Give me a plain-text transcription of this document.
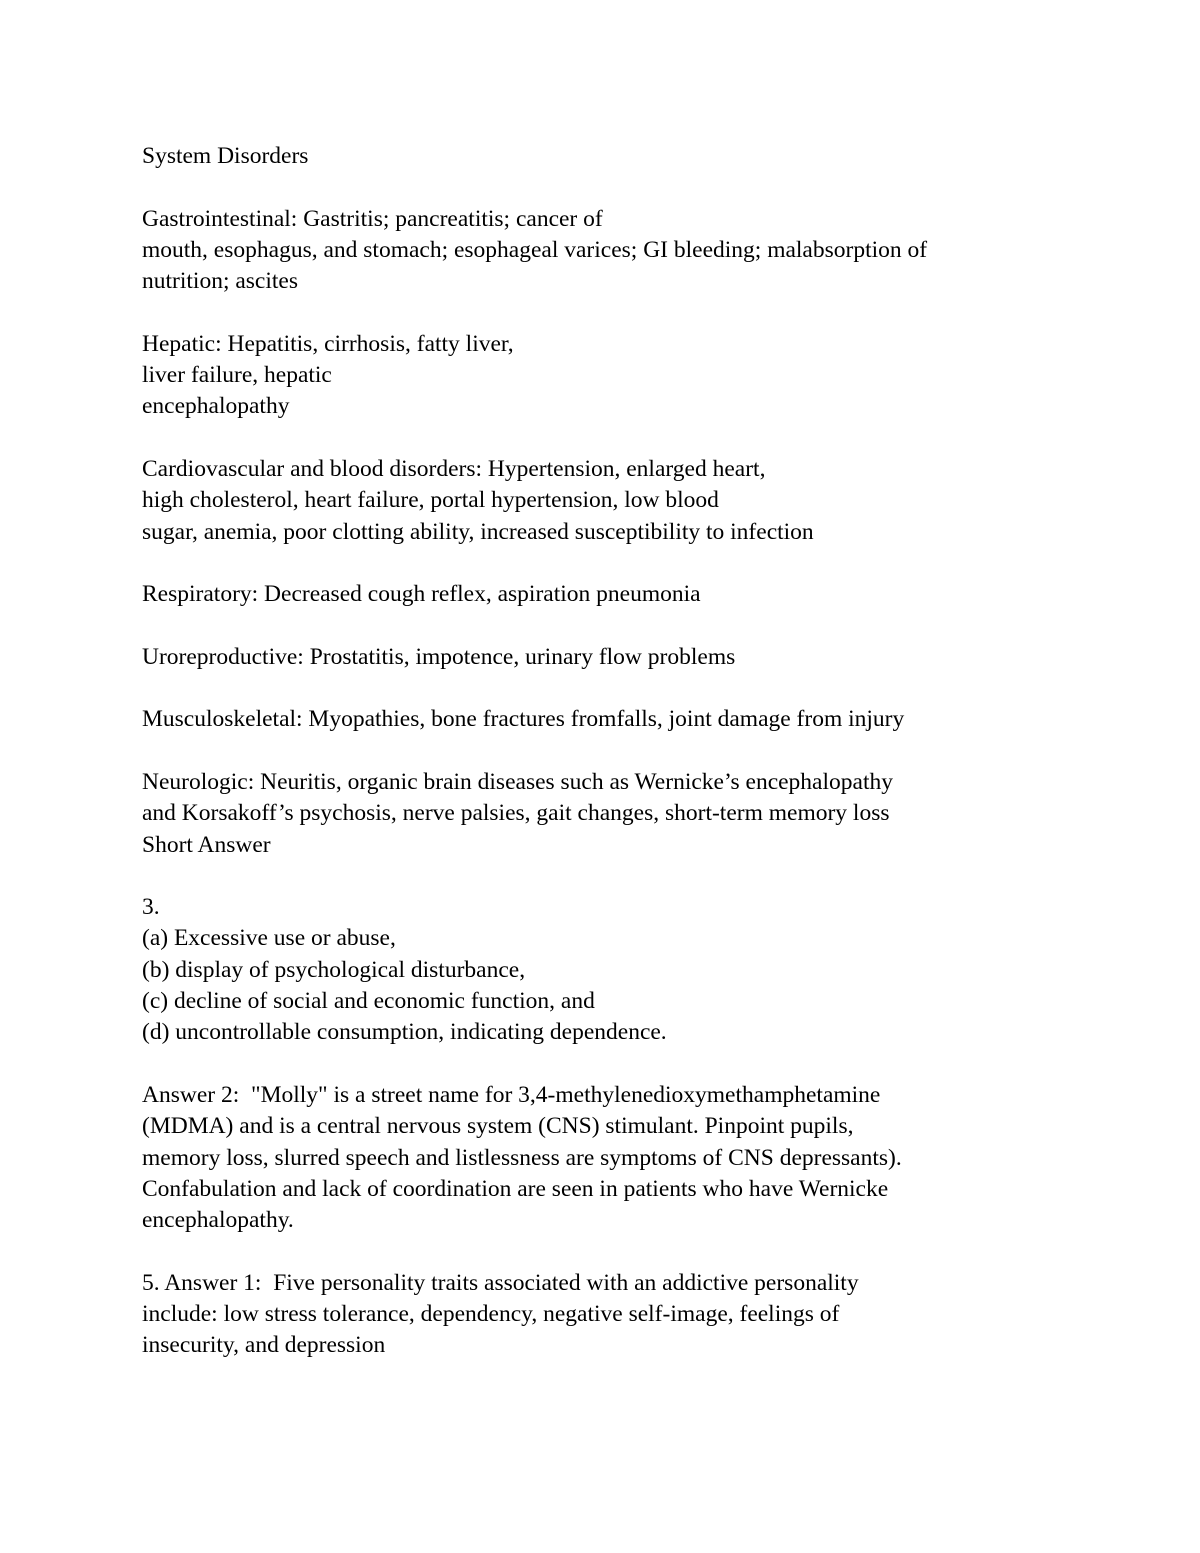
System Disorders
Gastrointestinal: Gastritis; pancreatitis; cancer of
mouth, esophagus, and stomach; esophageal varices; GI bleeding; malabsorption of
nutrition; ascites
Hepatic: Hepatitis, cirrhosis, fatty liver,
liver failure, hepatic
encephalopathy
Cardiovascular and blood disorders: Hypertension, enlarged heart,
high cholesterol, heart failure, portal hypertension, low blood
sugar, anemia, poor clotting ability, increased susceptibility to infection
Respiratory: Decreased cough reflex, aspiration pneumonia
Uroreproductive: Prostatitis, impotence, urinary flow problems
Musculoskeletal: Myopathies, bone fractures fromfalls, joint damage from injury
Neurologic: Neuritis, organic brain diseases such as Wernicke’s encephalopathy
and Korsakoff’s psychosis, nerve palsies, gait changes, short-term memory loss
Short Answer
3.
(a) Excessive use or abuse,
(b) display of psychological disturbance,
(c) decline of social and economic function, and
(d) uncontrollable consumption, indicating dependence.
Answer 2:  "Molly" is a street name for 3,4-methylenedioxymethamphetamine
(MDMA) and is a central nervous system (CNS) stimulant. Pinpoint pupils,
memory loss, slurred speech and listlessness are symptoms of CNS depressants).
Confabulation and lack of coordination are seen in patients who have Wernicke
encephalopathy.
5. Answer 1:  Five personality traits associated with an addictive personality
include: low stress tolerance, dependency, negative self-image, feelings of
insecurity, and depression
